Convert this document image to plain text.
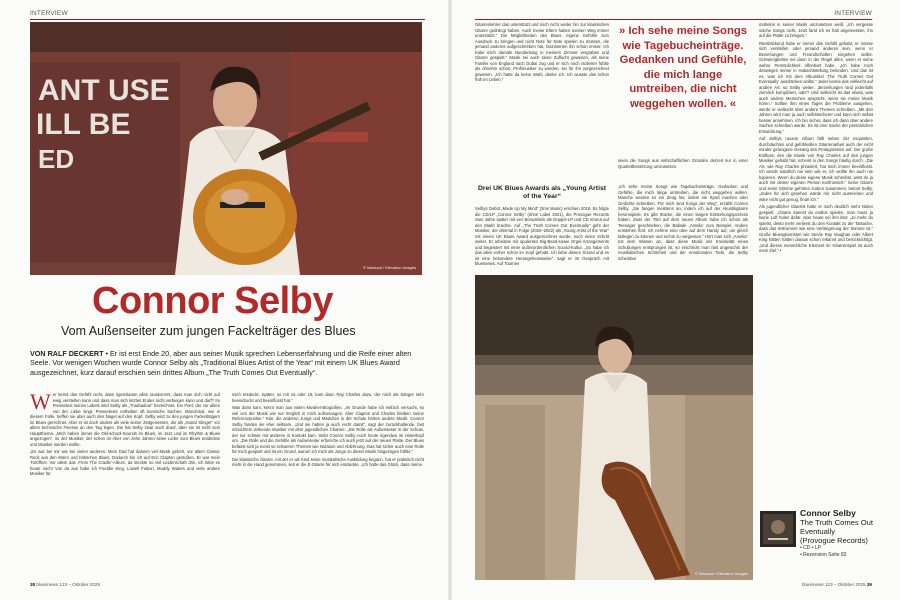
INTERVIEW
ANT USE
ILL BE
ED
© Maxsoul / Elevation Images
Connor Selby
Vom Außenseiter zum jungen Fackelträger des Blues
VON RALF DECKERT • Er ist erst Ende 20, aber aus seiner Musik sprechen Lebenserfahrung und die Reife einer alten Seele. Vor wenigen Wochen wurde Connor Selby als „Traditional Blues Artist of the Year“ mit einem UK Blues Award ausgezeichnet, kurz darauf erschien sein drittes Album „The Truth Comes Out Eventually“.

Wer kennt das Gefühl nicht, dass irgendwann alles rauskommt; dass man sich nicht auf ewig verstellen kann und dass man sich letztes Endes nicht verbiegen kann und darf? Im Pressetext seines Labels wird Selby als „Troubadour“ bezeichnet. Ein Poet, der vor allem von der Liebe singt. Pressetexte enthalten oft komische Sachen. Manchmal, wie in diesem Falle, treffen sie aber auch den Nagel auf den Kopf. Selby wird zu den jungen Fackelträgern im Blues gerechnet. Aber er ist doch anders als viele seiner Zeitgenossen, die als „Guitar Slinger“ vor allem technische Finesse an den Tag legen. Die hat Selby zwar auch drauf, aber sie ist nicht sein Hauptthema. „Mich haben immer die Old-school-Sounds im Blues, im Jazz und im Rhythm & Blues angezogen“, so der Musiker, der schon im Alter von zehn Jahren seine Liebe zum Blues entdeckte und Musiker werden wollte.

„Es war bei mir wie bei vielen anderen. Mein Dad hat daheim viel Musik gehört, vor allem Classic Rock aus den 60ern und britischen Blues. Dadurch bin ich auf Eric Clapton gestoßen. Er war mein Türöffner. Vor allem das ‚From The Cradle‘-Album, da steckte so viel Leidenschaft drin, ich liebe es heute noch! Von da aus habe ich Freddie King, Lowell Fulson, Muddy Waters und viele andere Musiker für

mich entdeckt. Später, so mit 15 oder 16, kam dann Ray Charles dazu, der mich als Sänger sehr beeindruckt und beeinflusst hat.“

Was dann kam, kennt man aus vielen Musiker-Biografien. „Im Grunde habe ich einfach versucht, so viel von der Musik wie nur möglich in mich aufzusaugen. Aber Clapton und Charles bleiben meine Referenzpunkte.“ Klar, die anderen Jungs und Mädchen in der Schule hörten andere Musik. Connor Selby fanden sie eher seltsam. „Und sie hatten ja auch recht damit“, sagt der zurückhaltende, fast schüchtern wirkende Musiker mit dem jugendlichen Charme. „Die Rolle als Außenseiter in der Schule, der nur schwer mit anderen in Kontakt kam, treibt Connor Selby noch heute irgendwo im Hinterkopf um. „Die Rolle und die Gefühle als Außenseiter erforsche ich auch jetzt auf der neuen Platte. Der Blues befasst sich ja meist so schweren Themen wie Isolation und Ablehnung. Das hat sicher auch eine Rolle für mich gespielt und ist ein Grund, warum ich mich als Junge zu dieser Musik hingezogen fühlte.“

Die klassische Gitarre, mit der er als Kind seine musikalische Ausbildung begann, hat er praktisch nicht mehr in die Hand genommen, seit er die E-Gitarre für sich entdeckte. „Ich hatte das Glück, dass meine

38 bluesnews 123 – Oktober 2025
INTERVIEW
Gitarrenlehrer das unterstützt und mich nicht weiter hin zur klassischen Gitarre gedrängt haben. Auch meine Eltern haben meinen Weg immer unterstützt.“ Die Möglichkeiten des Blues, eigene Gefühle zum Ausdruck zu bringen und nicht Note für Note spielen zu müssen, die jemand anderes aufgeschrieben hat, faszinierten ihn schon immer. Ich habe mich damals stundenlang in meinem Zimmer vergraben und Gitarre gespielt.“ Musik sei auch seine Zuflucht gewesen, als seine Familie von England nach Dubai zog und er sich noch isolierter fühlte als ohnehin schon. Profimusiker zu werden, sei für ihn vorgezeichnet gewesen. „Ich hatte da keine Wahl, denke ich. Ich wusste das schon früh im Leben.“
» Ich sehe meine Songs wie Tagebucheinträge. Gedanken und Gefühle, die mich lange umtreiben, die nicht weggehen wollen. «
seien die Songs aus wirtschaftlichen Gründen derzeit nur in einer Quartettbesetzung umzusetzen.
Drei UK Blues Awards als „Young Artist of the Year“
Selbys Debüt „Made Up My Mind“ (3ms Music) erschien 2018. Es folgte die CD/LP „Connor Selby“ (ohne Label 2021), die Provogue Records zwei Jahre später mit vier Bonustiteln als Doppel-LP und CD erneut auf den Markt brachte. Auf „The Truth Comes Out Eventually“ geht der Musiker, der dreimal in Folge (2020–2022) als „Young Artist of the Year“ mit einem UK Blues Award ausgezeichnet wurde, noch einen Schritt weiter. Er arbeitete mit opulenten Big-Band-sowie Orgel-Arrangements und begeistert mit einer außerordentlichen Sound-Kultur. „So habe ich das alles vorher schon im Kopf gehabt. Ich liebe diesen Sound und es ist eine besondere Herangehensweise“, sagt er im Gespräch mit bluesnews. Auf Tournee
„Ich sehe meine Songs wie Tagebucheinträge. Gedanken und Gefühle, die mich lange umtreiben, die nicht weggehen wollen. Manche werden so ein Zeug los, indem sie Sport machen oder Gedichte schreiben. Für mich sind Songs der Weg“, erzählt Connor Selby. „Sie fangen meistens an, indem ich auf der Akustikgitarre herumspiele. Es gibt Stücke, die einen langen Entstehungsprozess haben. Zwei der Titel auf dem neuen Album habe ich schon als Teenager geschrieben, die Ballade ‚Amelia‘ zum Beispiel. Andere entstehen flott. Ich nehme eine Idee auf dem Handy auf, um gleich loslegen zu können und nichts zu vergessen.“ Hört man sich „Amelia“ mit dem Wissen an, dass diese Musik der Kreativität eines Schuljungen entsprungen ist, so erschrickt man fast angesichts der musikalischen Schönheit und der emotionalen Tiefe, die Selby scheinbar

mühelos in seiner Musik umzusetzen weiß. „Ich vergesse solche Songs nicht. Jetzt fand ich es halt angemessen, ihn auf die Platte zu bringen.“

Rückblickend habe er immer das Gefühl gehabt, er müsse sich verstellen oder jemand anderes sein, wenn er Beziehungen und Freundschaften eingehen wollte. Schwierigkeiten sei dann in der Regel alles, wenn er seine wahre Persönlichkeit offenbart habe. „Ich habe mich deswegen immer in Habachtstellung befunden. Und das ist es, was ich mit dem Albumtitel ‚The Truth Comes Out Eventually‘ ausdrücken wollte.“ Jeder kenne das vielleicht auf andere Art, so Selby weiter. „Beziehungen sind jedenfalls ziemlich kompliziert, oder? Und vielleicht ist das etwas, was auch andere Menschen anspricht, wenn sie meine Musik hören.“ Sollten ihm eines Tages die Probleme ausgehen, werde er vielleicht über andere Themen schreiben. „Mit den Jahren wird man ja auch selbstsicherer und kann sich selbst besser annehmen. Ich bin sicher, dass ich dann über andere Sachen schreiben werde. Es ist eine Sache der persönlichen Entwicklung.“

Auf Selbys neuem Album fällt neben der exquisiten, durchdachten und gefühlvollen Gitarrenarbeit auch der nicht minder gelungene Gesang des Protagonisten auf. Der große Einfluss, den die Musik von Ray Charles auf den jungen Musiker gehabt hat, scheint in den Songs häufig durch. „Die Art, wie Ray Charles phrasiert, hat mich immer beeinflusst. Ich werde natürlich nie sein wie er, ich wollte ihn auch nie kopieren. Wenn du deine eigene Musik schreibst, wirst du ja auch mit deiner eigenen Person konfrontiert.“ Seine Gitarre und seine Stimme gehören zudem zusammen, betont Selby. „Jedes für sich gesehen würde mir nicht ausreichen und wäre nicht gut genug, finde ich.“

Als jugendlicher Gitarrist habe er noch deutlich mehr Noten gespielt. „Gitarre kannst du endlos spielen, man muss ja keine Luft holen dafür. Aber heute sei ihm klar: „Je mehr du spielst, desto mehr verlierst du den Kontakt zu der Tatsache, dass das Instrument wie eine Verlängerung der Stimme ist.“ Große Bluesgitarristen wie Stevie Ray Vaughan oder Albert King hätten hätten daraus schon erkannt und berücksichtigt. „Und dieses menschliche Element im Gitarrenspiel ist auch mein Ziel.“ •

© Maxsoul / Elevation Images
Connor Selby
The Truth Comes Out Eventually
(Provogue Records)
• CD • LP
• Rezension Seite 82
bluesnews 123 – Oktober 2025 39
